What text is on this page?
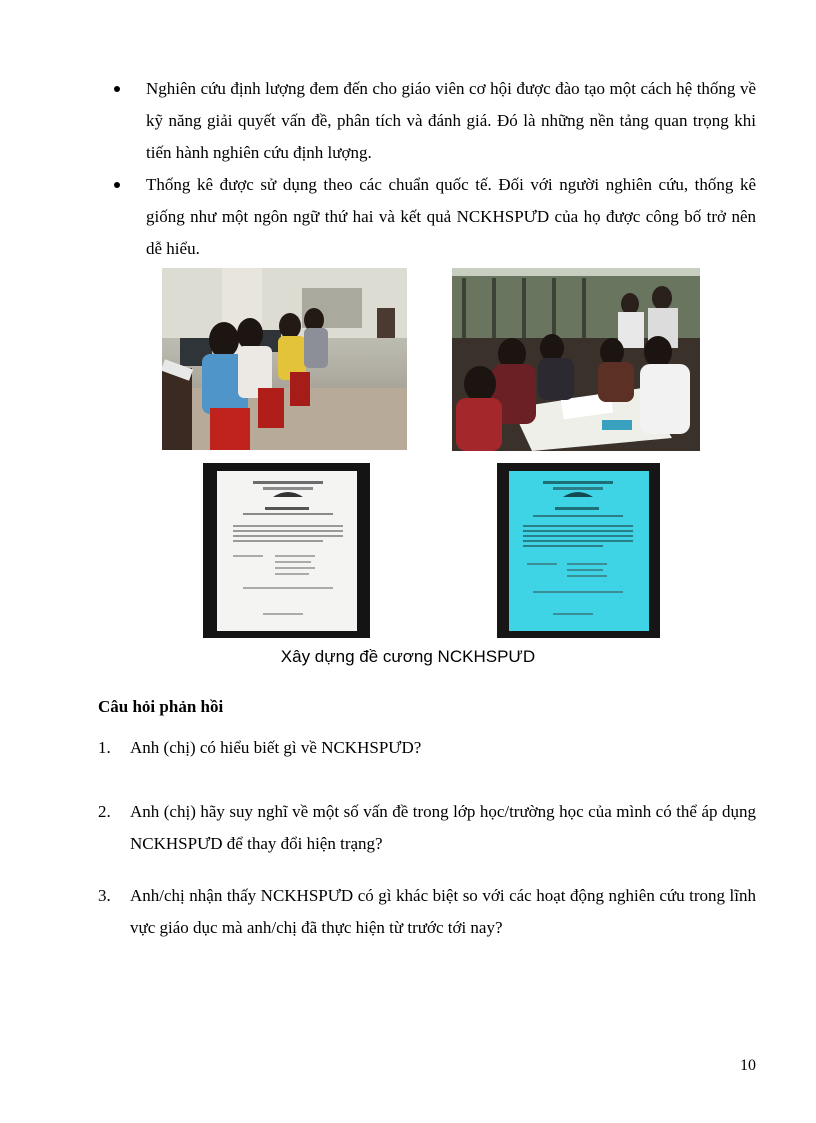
Nghiên cứu định lượng đem đến cho giáo viên cơ hội được đào tạo một cách hệ thống về kỹ năng giải quyết vấn đề, phân tích và đánh giá. Đó là những nền tảng quan trọng khi tiến hành nghiên cứu định lượng.
Thống kê được sử dụng theo các chuẩn quốc tế. Đối với người nghiên cứu, thống kê giống như một ngôn ngữ thứ hai và kết quả NCKHSPƯD của họ được công bố trở nên dễ hiểu.
Xây dựng đề cương NCKHSPƯD
Câu hỏi phản hồi
1. Anh (chị) có hiểu biết gì về NCKHSPƯD?
2. Anh (chị) hãy suy nghĩ về một số vấn đề trong lớp học/trường học của mình có thể áp dụng NCKHSPƯD để thay đổi hiện trạng?
3. Anh/chị nhận thấy NCKHSPƯD có gì khác biệt so với các hoạt động nghiên cứu trong lĩnh vực giáo dục mà anh/chị đã thực hiện từ trước tới nay?
10
